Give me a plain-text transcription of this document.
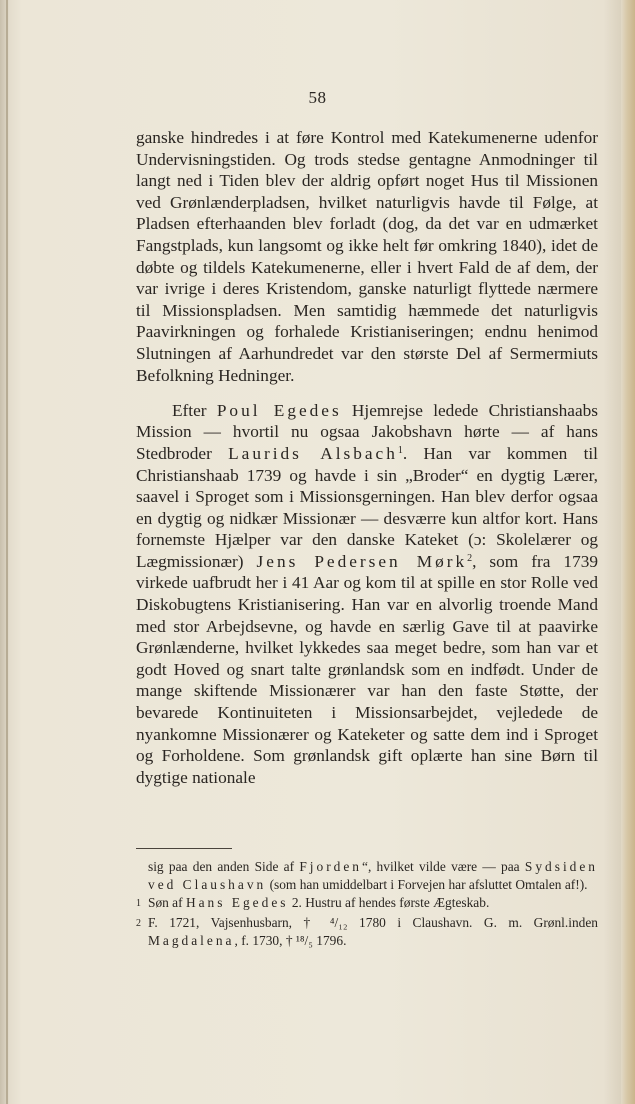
58

ganske hindredes i at føre Kontrol med Katekumenerne udenfor Undervisningstiden. Og trods stedse gentagne Anmodninger til langt ned i Tiden blev der aldrig opført noget Hus til Missionen ved Grønlænderpladsen, hvilket naturligvis havde til Følge, at Pladsen efterhaanden blev forladt (dog, da det var en udmærket Fangstplads, kun langsomt og ikke helt før omkring 1840), idet de døbte og tildels Katekumenerne, eller i hvert Fald de af dem, der var ivrige i deres Kristendom, ganske naturligt flyttede nærmere til Missionspladsen. Men samtidig hæmmede det naturligvis Paavirkningen og forhalede Kristianiseringen; endnu henimod Slutningen af Aarhundredet var den største Del af Sermermiuts Befolkning Hedninger.

Efter Poul Egedes Hjemrejse ledede Christianshaabs Mission — hvortil nu ogsaa Jakobshavn hørte — af hans Stedbroder Laurids Alsbach$^1$. Han var kommen til Christianshaab 1739 og havde i sin „Broder“ en dygtig Lærer, saavel i Sproget som i Missionsgerningen. Han blev derfor ogsaa en dygtig og nidkær Missionær — desværre kun altfor kort. Hans fornemste Hjælper var den danske Kateket (ɔ: Skolelærer og Lægmissionær) Jens Pedersen Mørk$^2$, som fra 1739 virkede uafbrudt her i 41 Aar og kom til at spille en stor Rolle ved Diskobugtens Kristianisering. Han var en alvorlig troende Mand med stor Arbejdsevne, og havde en særlig Gave til at paavirke Grønlænderne, hvilket lykkedes saa meget bedre, som han var et godt Hoved og snart talte grønlandsk som en indfødt. Under de mange skiftende Missionærer var han den faste Støtte, der bevarede Kontinuiteten i Missionsarbejdet, vejledede de nyankomne Missionærer og Kateketer og satte dem ind i Sproget og Forholdene. Som grønlandsk gift oplærte han sine Børn til dygtige nationale

sig paa den anden Side af Fjorden“, hvilket vilde være — paa Sydsiden ved Claushavn (som han umiddelbart i Forvejen har afsluttet Omtalen af!).

1 Søn af Hans Egedes 2. Hustru af hendes første Ægteskab.

2 F. 1721, Vajsenhusbarn, † ⁴/₁₂ 1780 i Claushavn. G. m. Grønl.inden Magdalena, f. 1730, † ¹⁸/₅ 1796.
